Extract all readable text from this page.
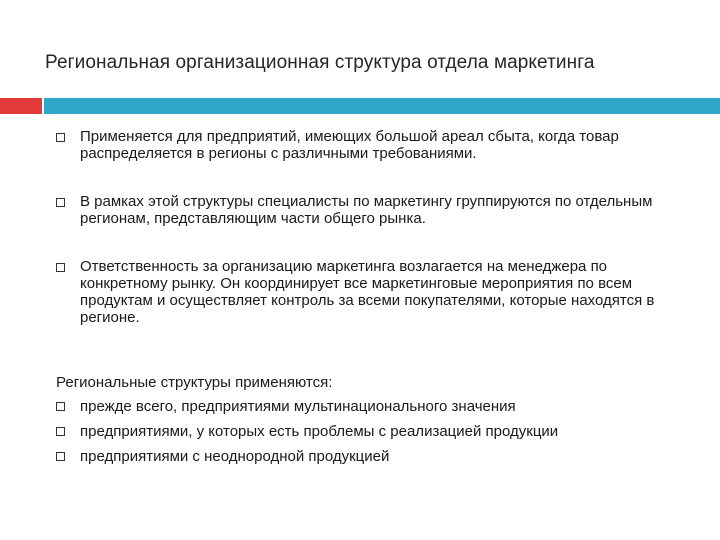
Региональная организационная структура отдела маркетинга
Применяется для предприятий, имеющих большой ареал сбыта, когда товар распределяется в регионы с различными требованиями.
В рамках этой структуры специалисты по маркетингу группируются по отдельным регионам, представляющим части общего рынка.
Ответственность за организацию маркетинга возлагается на менеджера по конкретному рынку. Он координирует все маркетинговые мероприятия по всем продуктам и осуществляет контроль за всеми покупателями, которые находятся в регионе.
Региональные структуры применяются:
прежде всего, предприятиями мультинационального значения
предприятиями, у которых есть проблемы с реализацией продукции
предприятиями с неоднородной продукцией
